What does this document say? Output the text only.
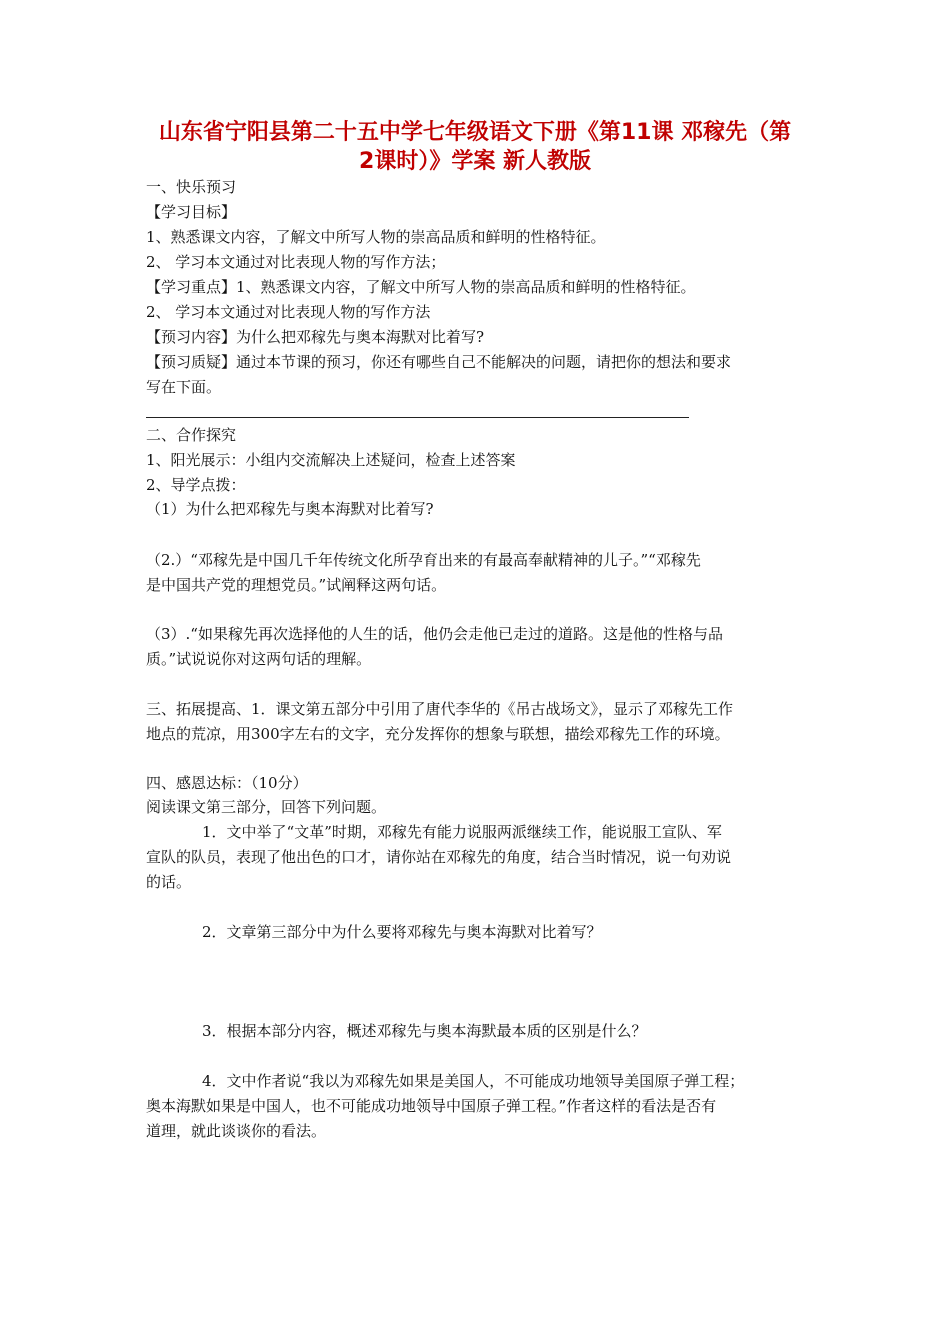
山东省宁阳县第二十五中学七年级语文下册《第11课 邓稼先（第
2课时）》学案 新人教版
一、快乐预习
【学习目标】
1、熟悉课文内容，了解文中所写人物的崇高品质和鲜明的性格特征。
2、 学习本文通过对比表现人物的写作方法；
【学习重点】1、熟悉课文内容，了解文中所写人物的崇高品质和鲜明的性格特征。
2、 学习本文通过对比表现人物的写作方法
【预习内容】为什么把邓稼先与奥本海默对比着写?
【预习质疑】通过本节课的预习，你还有哪些自己不能解决的问题，请把你的想法和要求
写在下面。
二、合作探究
1、阳光展示：小组内交流解决上述疑问，检查上述答案
2、导学点拨：
（1）为什么把邓稼先与奥本海默对比着写?
（2.）“邓稼先是中国几千年传统文化所孕育出来的有最高奉献精神的儿子。”“邓稼先
是中国共产党的理想党员。”试阐释这两句话。
（3）.“如果稼先再次选择他的人生的话，他仍会走他已走过的道路。这是他的性格与品
质。”试说说你对这两句话的理解。
三、拓展提高、1．课文第五部分中引用了唐代李华的《吊古战场文》，显示了邓稼先工作
地点的荒凉，用300字左右的文字，充分发挥你的想象与联想，描绘邓稼先工作的环境。
四、感恩达标：（10分）
阅读课文第三部分，回答下列问题。
1．文中举了“文革”时期，邓稼先有能力说服两派继续工作，能说服工宣队、军
宣队的队员，表现了他出色的口才，请你站在邓稼先的角度，结合当时情况，说一句劝说
的话。
2．文章第三部分中为什么要将邓稼先与奥本海默对比着写？
3．根据本部分内容，概述邓稼先与奥本海默最本质的区别是什么？
4．文中作者说“我以为邓稼先如果是美国人，不可能成功地领导美国原子弹工程；
奥本海默如果是中国人，也不可能成功地领导中国原子弹工程。”作者这样的看法是否有
道理，就此谈谈你的看法。
